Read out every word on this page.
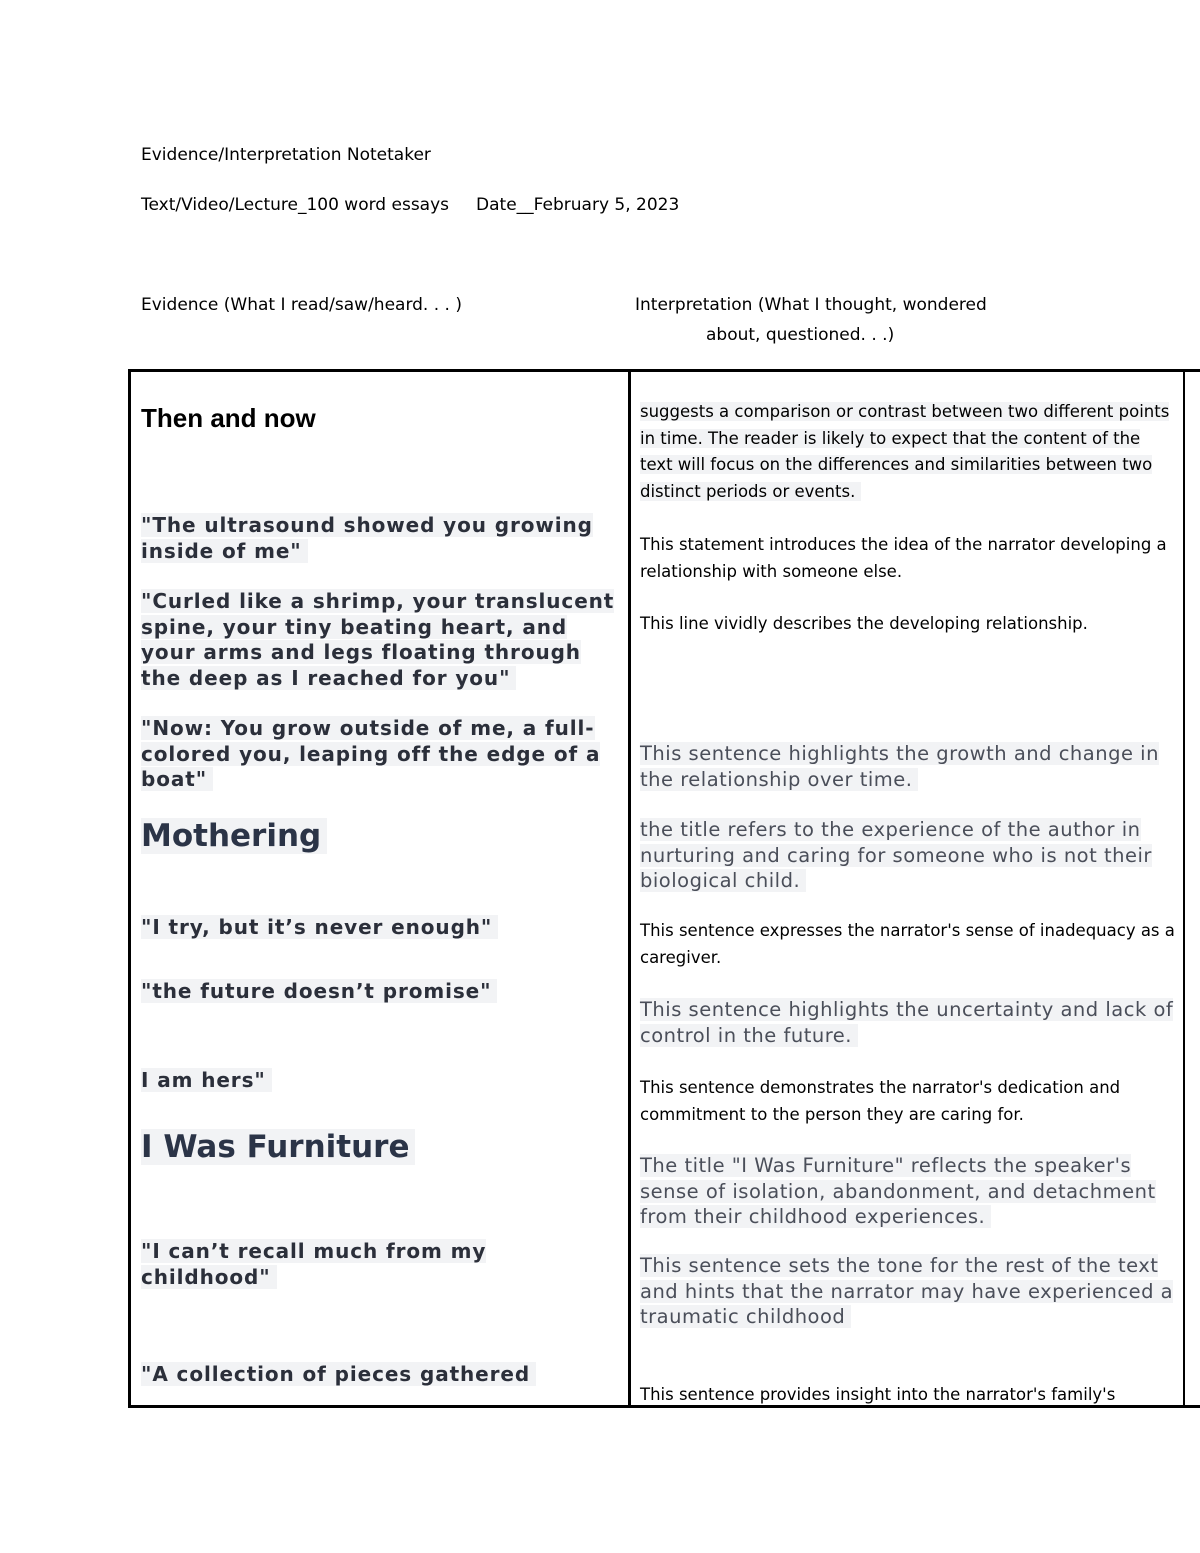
Evidence/Interpretation Notetaker
Text/Video/Lecture_100 word essays Date__February 5, 2023
Evidence (What I read/saw/heard. . . )	Interpretation (What I thought, wondered
about, questioned. . .)
Then and now
"The ultrasound showed you growing inside of me"
"Curled like a shrimp, your translucent spine, your tiny beating heart, and your arms and legs floating through the deep as I reached for you"
"Now: You grow outside of me, a full-colored you, leaping off the edge of a boat"
Mothering
"I try, but it’s never enough"
"the future doesn’t promise"
I am hers"
I Was Furniture
"I can’t recall much from my childhood"
"A collection of pieces gathered
suggests a comparison or contrast between two different points in time. The reader is likely to expect that the content of the text will focus on the differences and similarities between two distinct periods or events.
This statement introduces the idea of the narrator developing a relationship with someone else.
This line vividly describes the developing relationship.
This sentence highlights the growth and change in the relationship over time.
the title refers to the experience of the author in nurturing and caring for someone who is not their biological child.
This sentence expresses the narrator's sense of inadequacy as a caregiver.
This sentence highlights the uncertainty and lack of control in the future.
This sentence demonstrates the narrator's dedication and commitment to the person they are caring for.
The title "I Was Furniture" reflects the speaker's sense of isolation, abandonment, and detachment from their childhood experiences.
This sentence sets the tone for the rest of the text and hints that the narrator may have experienced a traumatic childhood
This sentence provides insight into the narrator's family's
